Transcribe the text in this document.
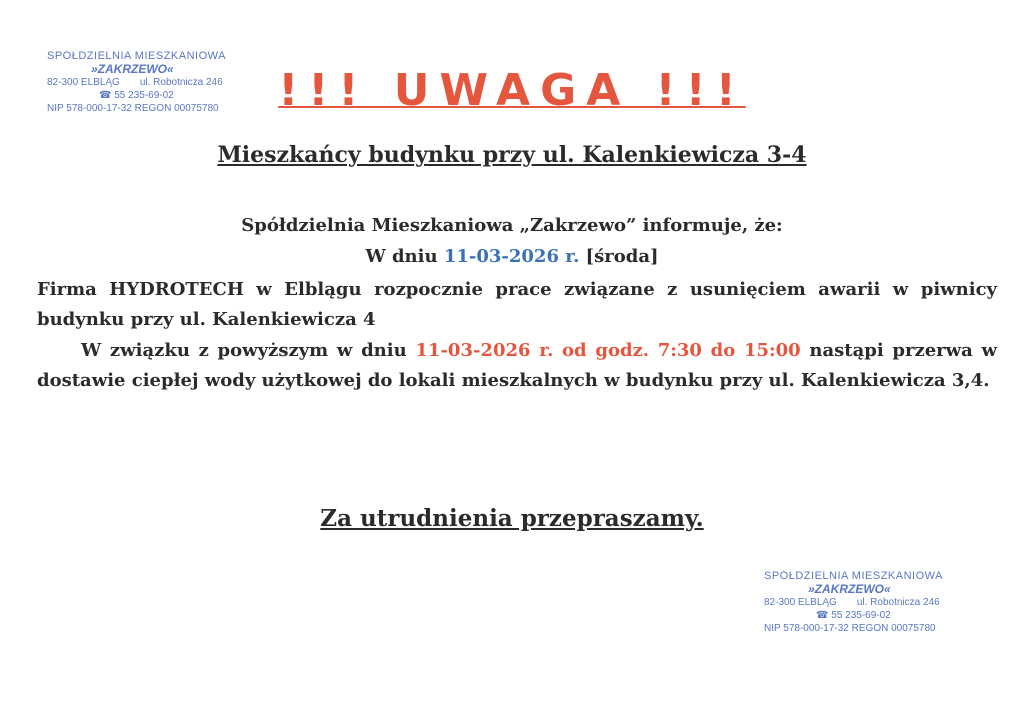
SPÓŁDZIELNIA MIESZKANIOWA
»ZAKRZEWO«
82-300 ELBLĄG ul. Robotnicza 246
☎ 55 235-69-02
NIP 578-000-17-32 REGON 00075780	!!! UWAGA !!!
Mieszkańcy budynku przy ul. Kalenkiewicza 3-4
Spółdzielnia Mieszkaniowa „Zakrzewo” informuje, że:
W dniu 11-03-2026 r. [środa]
Firma HYDROTECH w Elblągu rozpocznie prace związane z usunięciem awarii w piwnicy budynku przy ul. Kalenkiewicza 4
W związku z powyższym w dniu 11-03-2026 r. od godz. 7:30 do 15:00 nastąpi przerwa w dostawie ciepłej wody użytkowej do lokali mieszkalnych w budynku przy ul. Kalenkiewicza 3,4.
Za utrudnienia przepraszamy.
SPÓŁDZIELNIA MIESZKANIOWA
»ZAKRZEWO«
82-300 ELBLĄG ul. Robotnicza 246
☎ 55 235-69-02
NIP 578-000-17-32 REGON 00075780
